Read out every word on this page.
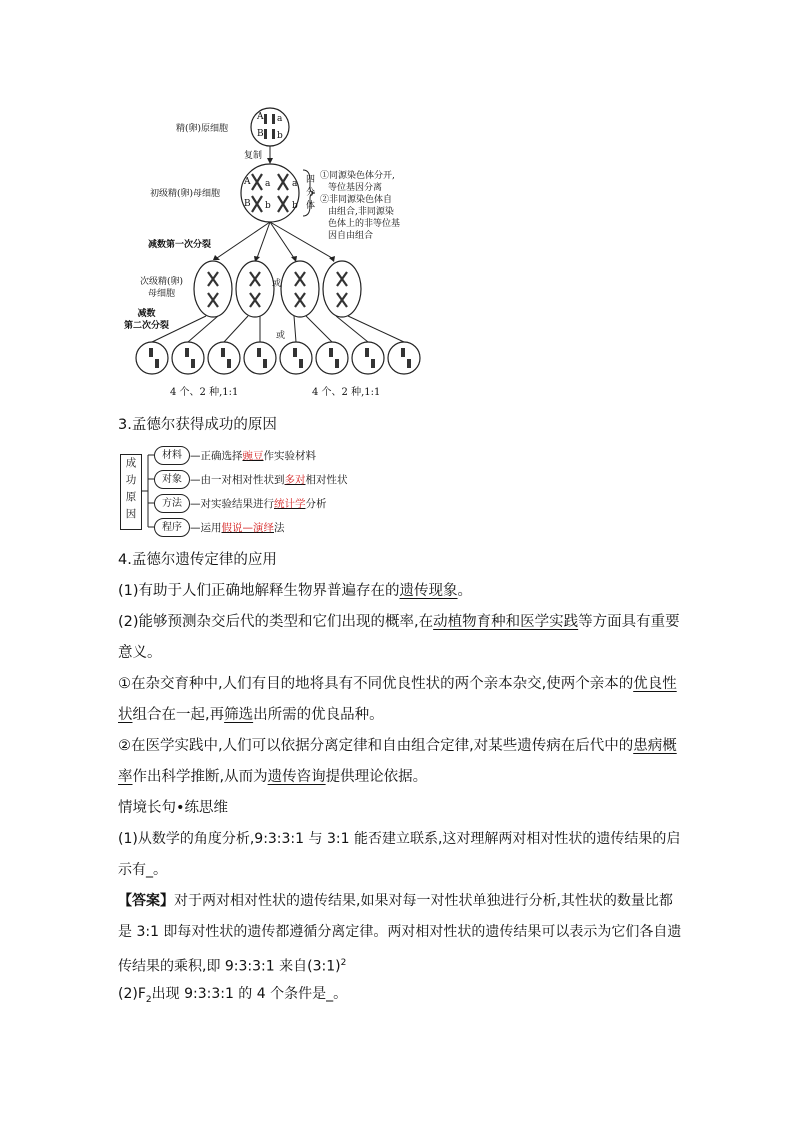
精(卵)原细胞
A a
B b
复制
初级精(卵)母细胞
A a a
B b b
四
分
体
①同源染色体分开,
等位基因分离
②非同源染色体自
由组合,非同源染
色体上的非等位基
因自由组合
减数第一次分裂
次级精(卵)
母细胞
或
减数
第二次分裂
或
4 个、2 种,1:1	4 个、2 种,1:1
3.孟德尔获得成功的原因
成
功
原
因
材料
对象
方法
程序
—正确选择豌豆作实验材料
—由一对相对性状到多对相对性状
—对实验结果进行统计学分析
—运用假说—演绎法
4.孟德尔遗传定律的应用
(1)有助于人们正确地解释生物界普遍存在的遗传现象。
(2)能够预测杂交后代的类型和它们出现的概率,在动植物育种和医学实践等方面具有重要意义。
①在杂交育种中,人们有目的地将具有不同优良性状的两个亲本杂交,使两个亲本的优良性状组合在一起,再筛选出所需的优良品种。
②在医学实践中,人们可以依据分离定律和自由组合定律,对某些遗传病在后代中的患病概率作出科学推断,从而为遗传咨询提供理论依据。
情境长句•练思维
(1)从数学的角度分析,9:3:3:1 与 3:1 能否建立联系,这对理解两对相对性状的遗传结果的启示有_。
【答案】对于两对相对性状的遗传结果,如果对每一对性状单独进行分析,其性状的数量比都是 3:1 即每对性状的遗传都遵循分离定律。两对相对性状的遗传结果可以表示为它们各自遗传结果的乘积,即 9:3:3:1 来自(3:1)$^2$
$(2)F_2$出现 9:3:3:1 的 4 个条件是_。
